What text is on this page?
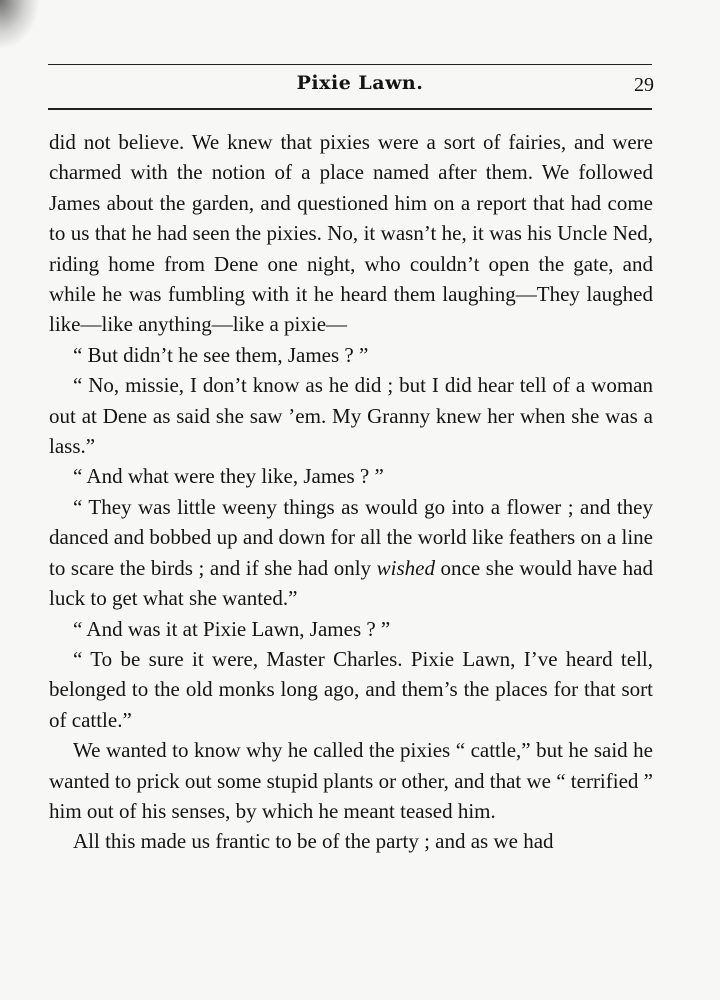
Pixie Lawn.	29

did not believe. We knew that pixies were a sort of fairies, and were charmed with the notion of a place named after them. We followed James about the garden, and questioned him on a report that had come to us that he had seen the pixies. No, it wasn’t he, it was his Uncle Ned, riding home from Dene one night, who couldn’t open the gate, and while he was fumbling with it he heard them laughing—They laughed like—like anything—like a pixie—

“ But didn’t he see them, James ? ”

“ No, missie, I don’t know as he did ; but I did hear tell of a woman out at Dene as said she saw ’em. My Granny knew her when she was a lass.”

“ And what were they like, James ? ”

“ They was little weeny things as would go into a flower ; and they danced and bobbed up and down for all the world like feathers on a line to scare the birds ; and if she had only wished once she would have had luck to get what she wanted.”

“ And was it at Pixie Lawn, James ? ”

“ To be sure it were, Master Charles. Pixie Lawn, I’ve heard tell, belonged to the old monks long ago, and them’s the places for that sort of cattle.”

We wanted to know why he called the pixies “ cattle,” but he said he wanted to prick out some stupid plants or other, and that we “ terrified ” him out of his senses, by which he meant teased him.

All this made us frantic to be of the party ; and as we had
